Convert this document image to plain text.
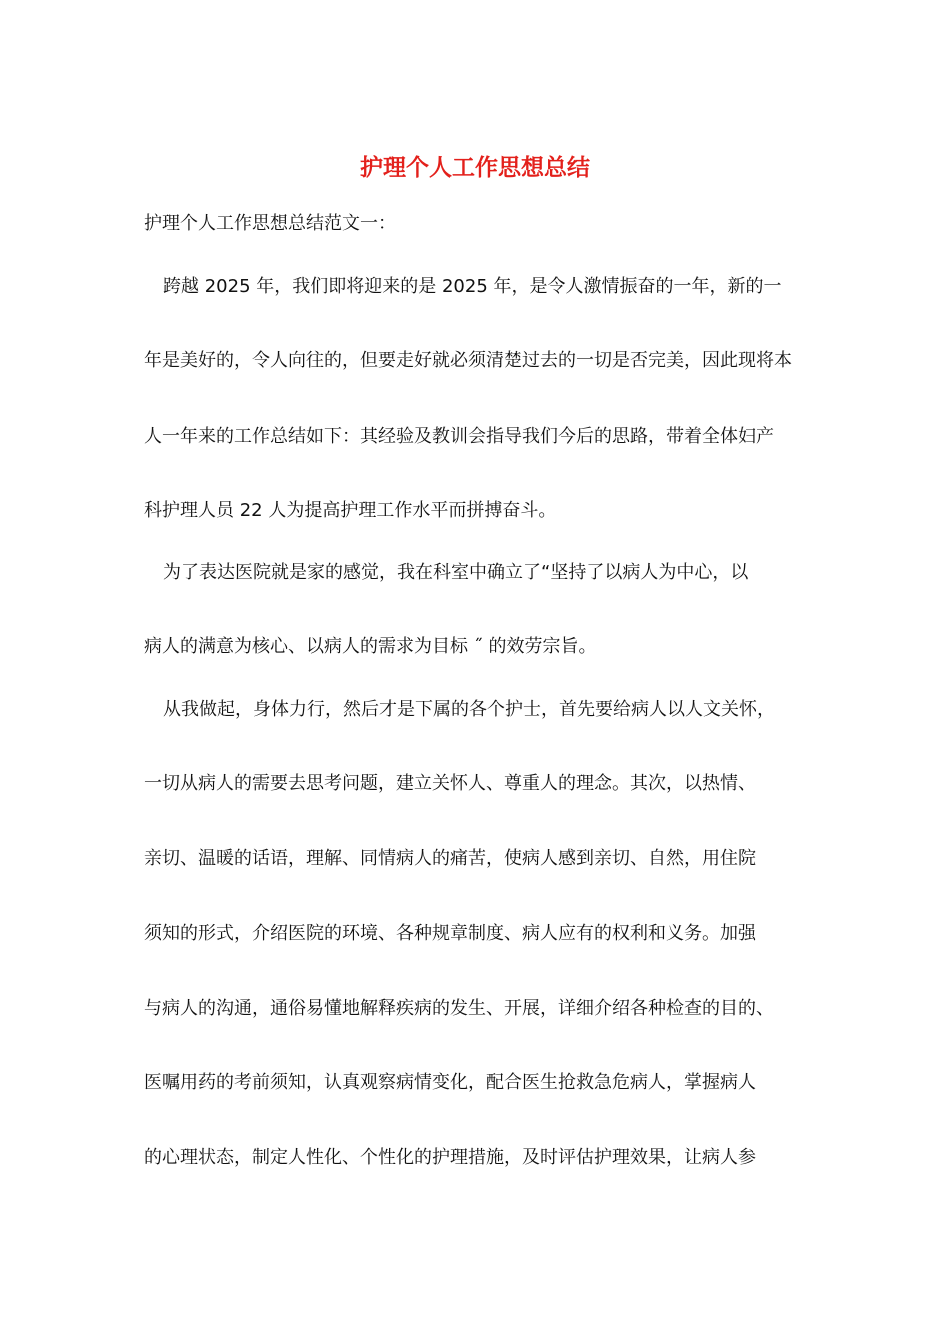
护理个人工作思想总结

护理个人工作思想总结范文一：

跨越 2025 年，我们即将迎来的是 2025 年，是令人激情振奋的一年，新的一

年是美好的，令人向往的，但要走好就必须清楚过去的一切是否完美，因此现将本

人一年来的工作总结如下：其经验及教训会指导我们今后的思路，带着全体妇产

科护理人员 22 人为提高护理工作水平而拼搏奋斗。

为了表达医院就是家的感觉，我在科室中确立了“坚持了以病人为中心，以

病人的满意为核心、以病人的需求为目标 ˝ 的效劳宗旨。

从我做起，身体力行，然后才是下属的各个护士，首先要给病人以人文关怀，

一切从病人的需要去思考问题，建立关怀人、尊重人的理念。其次，以热情、

亲切、温暖的话语，理解、同情病人的痛苦，使病人感到亲切、自然，用住院

须知的形式，介绍医院的环境、各种规章制度、病人应有的权利和义务。加强

与病人的沟通，通俗易懂地解释疾病的发生、开展，详细介绍各种检查的目的、

医嘱用药的考前须知，认真观察病情变化，配合医生抢救急危病人，掌握病人

的心理状态，制定人性化、个性化的护理措施，及时评估护理效果，让病人参
